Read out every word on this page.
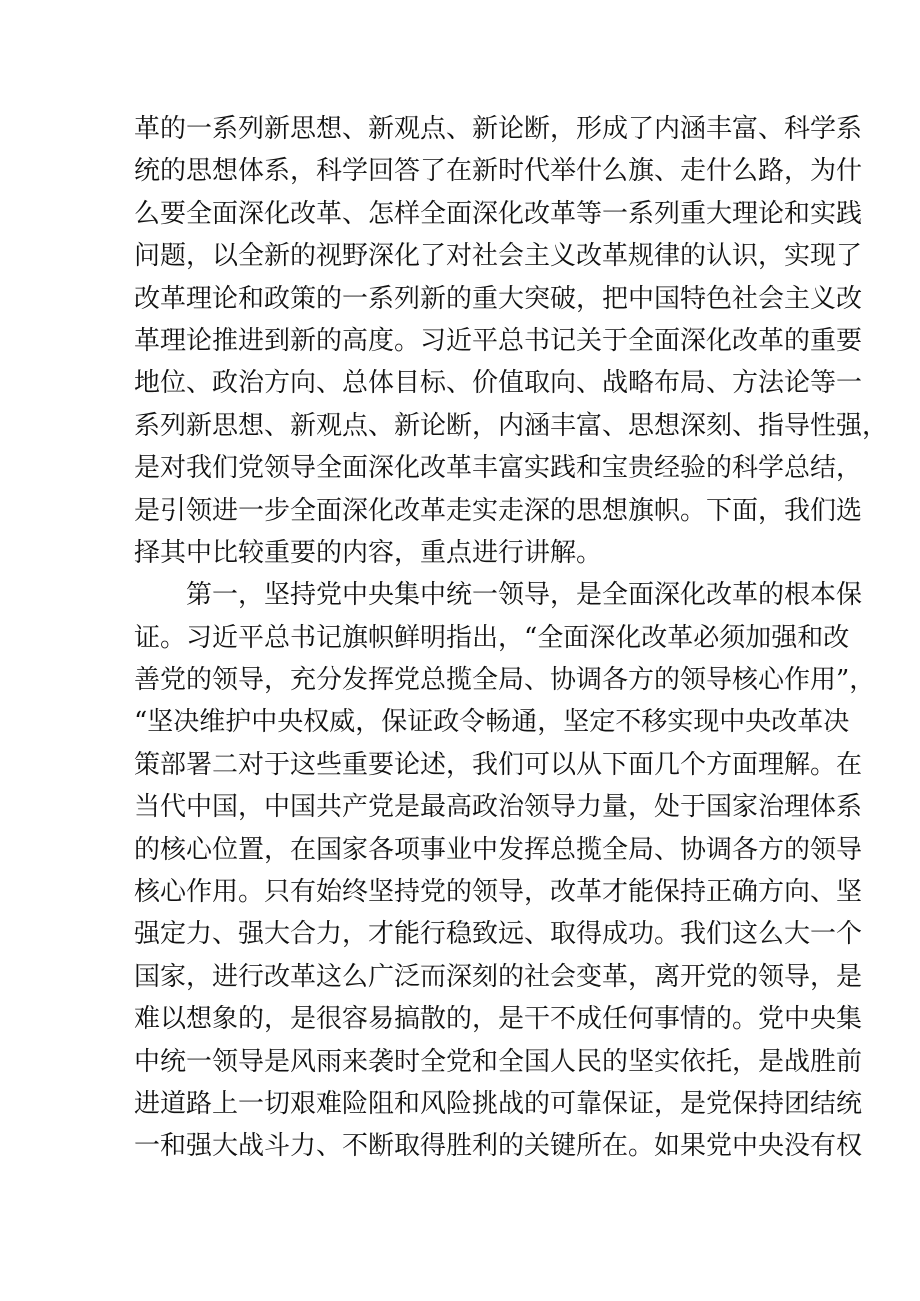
革的一系列新思想、新观点、新论断，形成了内涵丰富、科学系
统的思想体系，科学回答了在新时代举什么旗、走什么路，为什
么要全面深化改革、怎样全面深化改革等一系列重大理论和实践
问题，以全新的视野深化了对社会主义改革规律的认识，实现了
改革理论和政策的一系列新的重大突破，把中国特色社会主义改
革理论推进到新的高度。习近平总书记关于全面深化改革的重要
地位、政治方向、总体目标、价值取向、战略布局、方法论等一
系列新思想、新观点、新论断，内涵丰富、思想深刻、指导性强，
是对我们党领导全面深化改革丰富实践和宝贵经验的科学总结，
是引领进一步全面深化改革走实走深的思想旗帜。下面，我们选
择其中比较重要的内容，重点进行讲解。
第一，坚持党中央集中统一领导，是全面深化改革的根本保
证。习近平总书记旗帜鲜明指出，“全面深化改革必须加强和改
善党的领导，充分发挥党总揽全局、协调各方的领导核心作用”，
“坚决维护中央权威，保证政令畅通，坚定不移实现中央改革决
策部署二对于这些重要论述，我们可以从下面几个方面理解。在
当代中国，中国共产党是最高政治领导力量，处于国家治理体系
的核心位置，在国家各项事业中发挥总揽全局、协调各方的领导
核心作用。只有始终坚持党的领导，改革才能保持正确方向、坚
强定力、强大合力，才能行稳致远、取得成功。我们这么大一个
国家，进行改革这么广泛而深刻的社会变革，离开党的领导，是
难以想象的，是很容易搞散的，是干不成任何事情的。党中央集
中统一领导是风雨来袭时全党和全国人民的坚实依托，是战胜前
进道路上一切艰难险阻和风险挑战的可靠保证，是党保持团结统
一和强大战斗力、不断取得胜利的关键所在。如果党中央没有权
